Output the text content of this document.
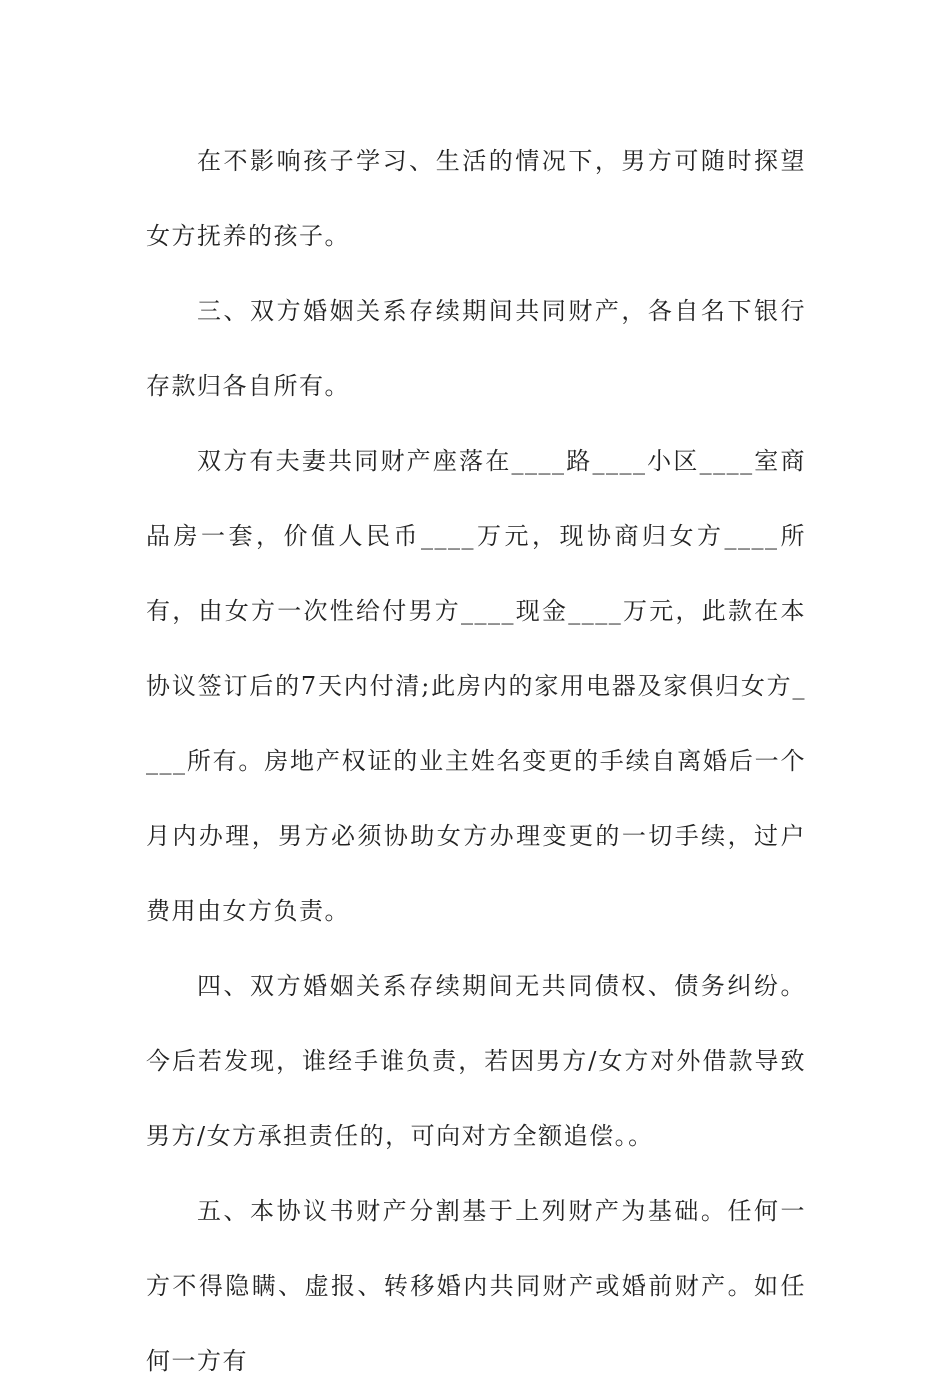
在不影响孩子学习、生活的情况下，男方可随时探望女方抚养的孩子。

三、双方婚姻关系存续期间共同财产，各自名下银行存款归各自所有。

双方有夫妻共同财产座落在____路____小区____室商品房一套，价值人民币____万元，现协商归女方____所有，由女方一次性给付男方____现金____万元，此款在本协议签订后的7天内付清;此房内的家用电器及家俱归女方____所有。房地产权证的业主姓名变更的手续自离婚后一个月内办理，男方必须协助女方办理变更的一切手续，过户费用由女方负责。

四、双方婚姻关系存续期间无共同债权、债务纠纷。今后若发现，谁经手谁负责，若因男方/女方对外借款导致男方/女方承担责任的，可向对方全额追偿。。

五、本协议书财产分割基于上列财产为基础。任何一方不得隐瞒、虚报、转移婚内共同财产或婚前财产。如任何一方有
